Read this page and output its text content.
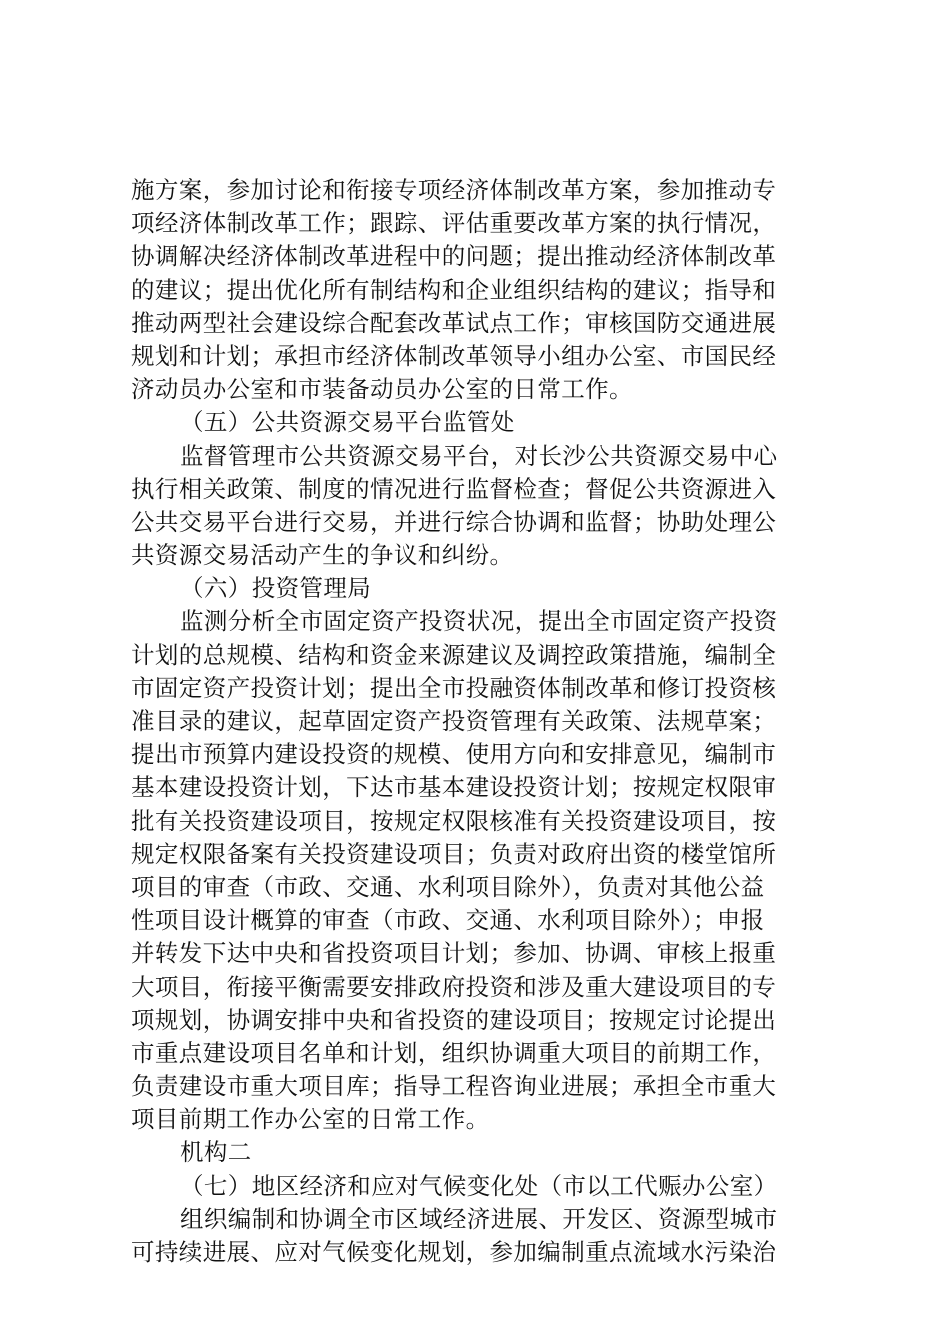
施方案，参加讨论和衔接专项经济体制改革方案，参加推动专
项经济体制改革工作；跟踪、评估重要改革方案的执行情况，
协调解决经济体制改革进程中的问题；提出推动经济体制改革
的建议；提出优化所有制结构和企业组织结构的建议；指导和
推动两型社会建设综合配套改革试点工作；审核国防交通进展
规划和计划；承担市经济体制改革领导小组办公室、市国民经
济动员办公室和市装备动员办公室的日常工作。
（五）公共资源交易平台监管处
监督管理市公共资源交易平台，对长沙公共资源交易中心
执行相关政策、制度的情况进行监督检查；督促公共资源进入
公共交易平台进行交易，并进行综合协调和监督；协助处理公
共资源交易活动产生的争议和纠纷。
（六）投资管理局
监测分析全市固定资产投资状况，提出全市固定资产投资
计划的总规模、结构和资金来源建议及调控政策措施，编制全
市固定资产投资计划；提出全市投融资体制改革和修订投资核
准目录的建议，起草固定资产投资管理有关政策、法规草案；
提出市预算内建设投资的规模、使用方向和安排意见，编制市
基本建设投资计划，下达市基本建设投资计划；按规定权限审
批有关投资建设项目，按规定权限核准有关投资建设项目，按
规定权限备案有关投资建设项目；负责对政府出资的楼堂馆所
项目的审查（市政、交通、水利项目除外），负责对其他公益
性项目设计概算的审查（市政、交通、水利项目除外）；申报
并转发下达中央和省投资项目计划；参加、协调、审核上报重
大项目，衔接平衡需要安排政府投资和涉及重大建设项目的专
项规划，协调安排中央和省投资的建设项目；按规定讨论提出
市重点建设项目名单和计划，组织协调重大项目的前期工作，
负责建设市重大项目库；指导工程咨询业进展；承担全市重大
项目前期工作办公室的日常工作。
机构二
（七）地区经济和应对气候变化处（市以工代赈办公室）
组织编制和协调全市区域经济进展、开发区、资源型城市
可持续进展、应对气候变化规划，参加编制重点流域水污染治
